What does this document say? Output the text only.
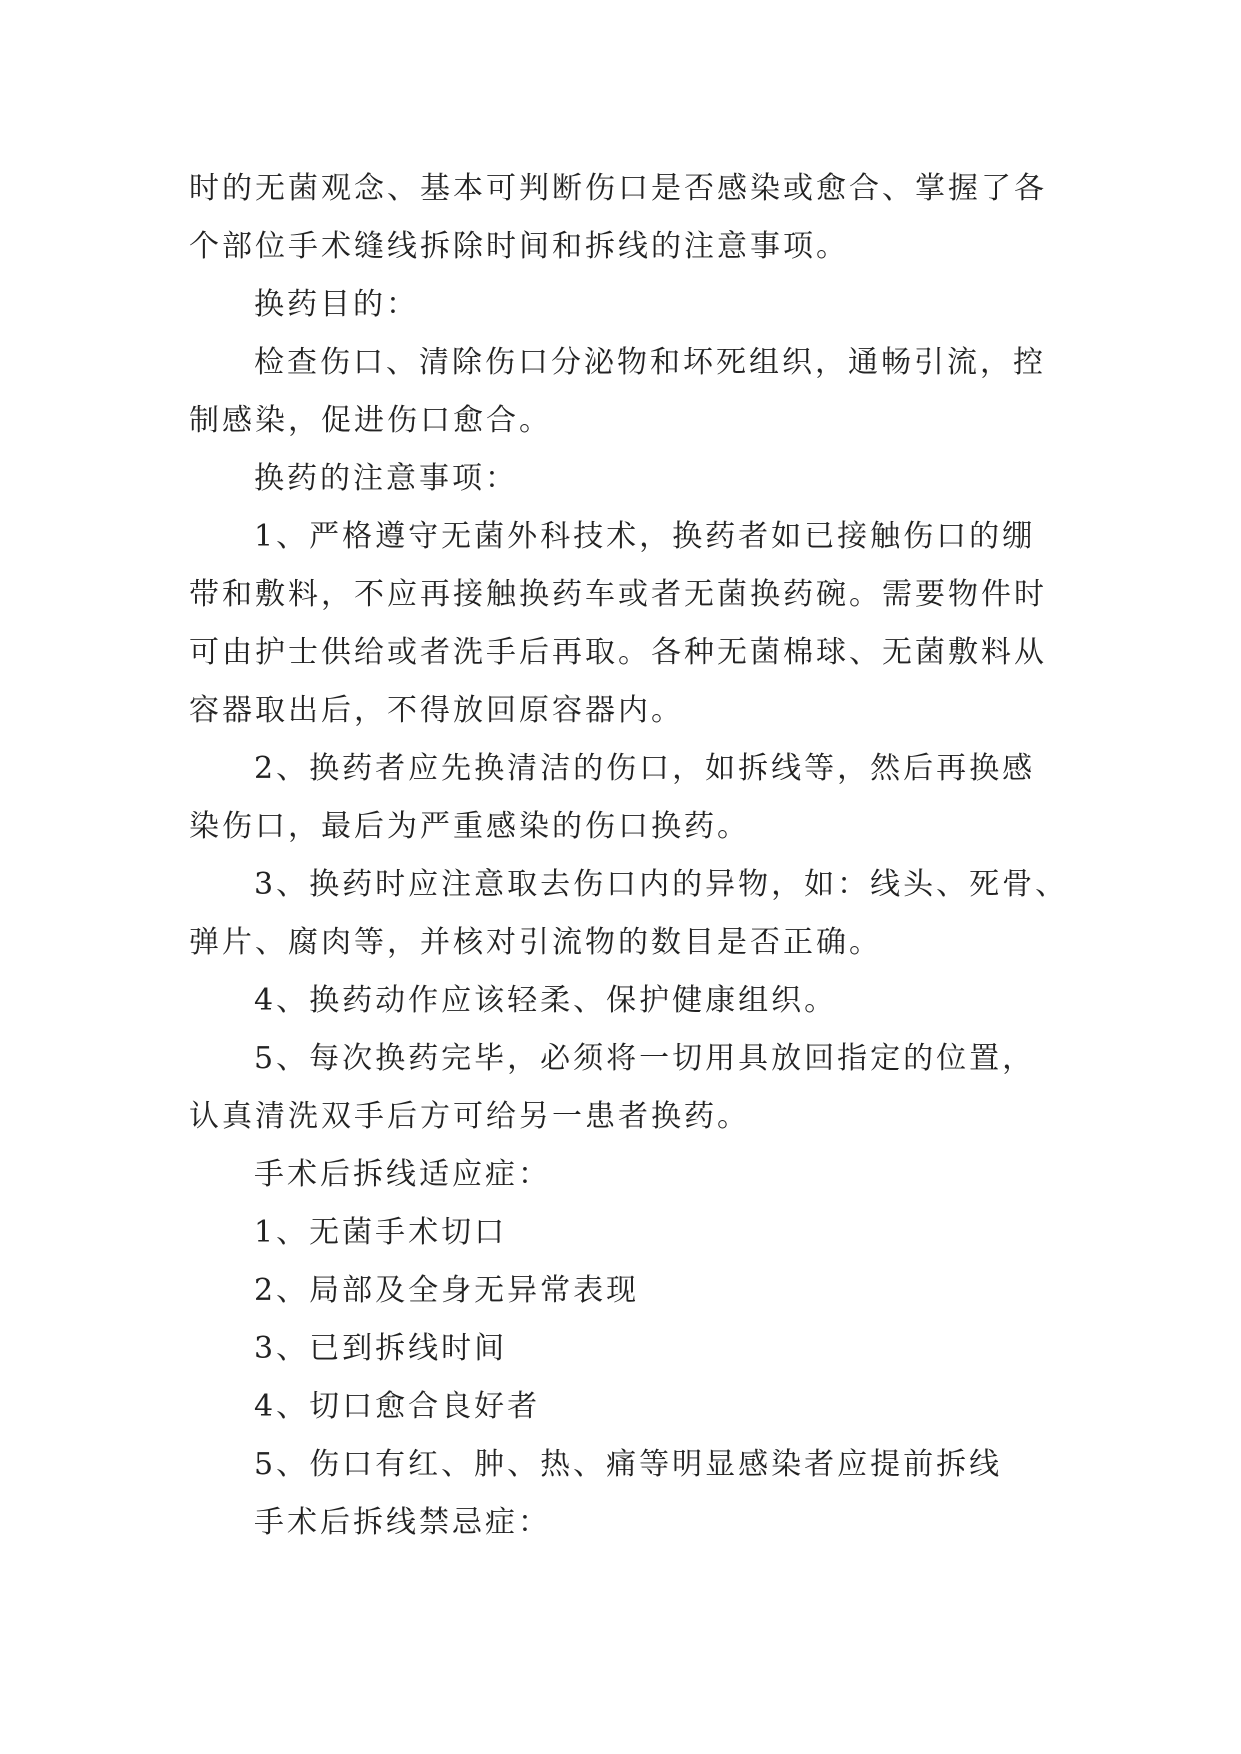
时的无菌观念、基本可判断伤口是否感染或愈合、掌握了各
个部位手术缝线拆除时间和拆线的注意事项。
换药目的：
检查伤口、清除伤口分泌物和坏死组织，通畅引流，控
制感染，促进伤口愈合。
换药的注意事项：
1、严格遵守无菌外科技术，换药者如已接触伤口的绷
带和敷料，不应再接触换药车或者无菌换药碗。需要物件时
可由护士供给或者洗手后再取。各种无菌棉球、无菌敷料从
容器取出后，不得放回原容器内。
2、换药者应先换清洁的伤口，如拆线等，然后再换感
染伤口，最后为严重感染的伤口换药。
3、换药时应注意取去伤口内的异物，如：线头、死骨、
弹片、腐肉等，并核对引流物的数目是否正确。
4、换药动作应该轻柔、保护健康组织。
5、每次换药完毕，必须将一切用具放回指定的位置，
认真清洗双手后方可给另一患者换药。
手术后拆线适应症：
1、无菌手术切口
2、局部及全身无异常表现
3、已到拆线时间
4、切口愈合良好者
5、伤口有红、肿、热、痛等明显感染者应提前拆线
手术后拆线禁忌症：
